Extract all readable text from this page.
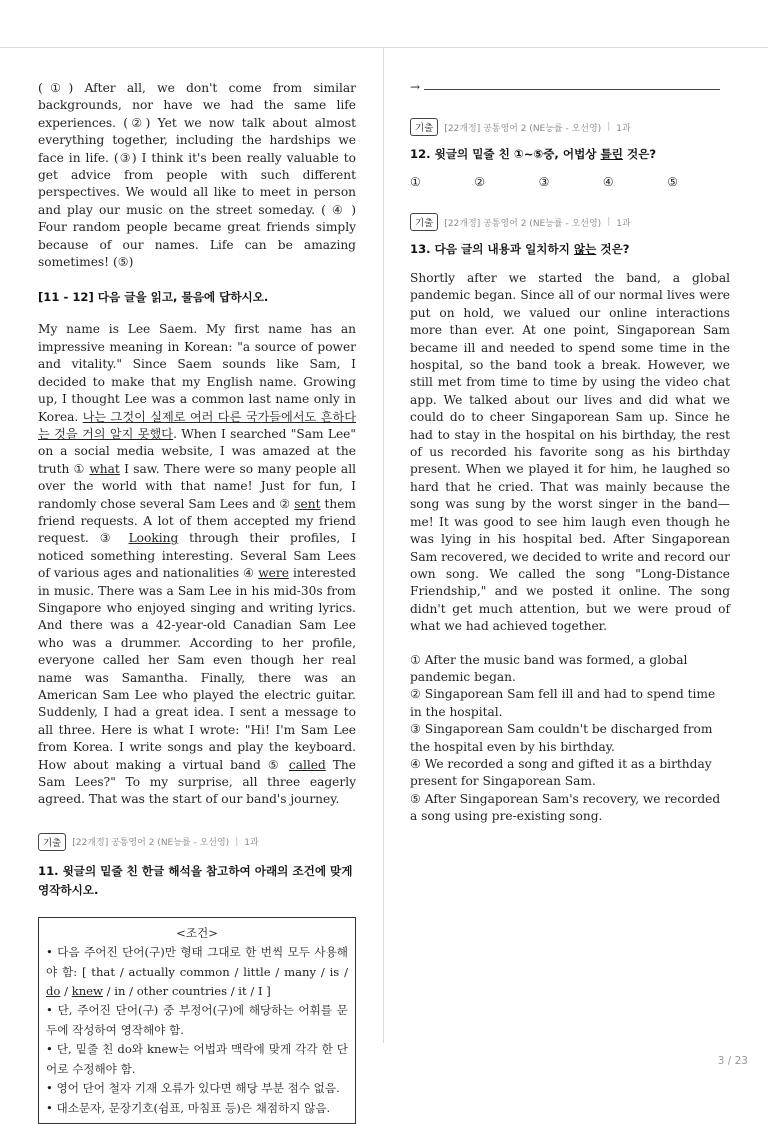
(①) After all, we don't come from similar backgrounds, nor have we had the same life experiences. (②) Yet we now talk about almost everything together, including the hardships we face in life. (③) I think it's been really valuable to get advice from people with such different perspectives. We would all like to meet in person and play our music on the street someday. ( ④ ) Four random people became great friends simply because of our names. Life can be amazing sometimes! (⑤)

[11 - 12] 다음 글을 읽고, 물음에 답하시오.

My name is Lee Saem. My first name has an impressive meaning in Korean: "a source of power and vitality." Since Saem sounds like Sam, I decided to make that my English name. Growing up, I thought Lee was a common last name only in Korea. 나는 그것이 실제로 여러 다른 국가들에서도 흔하다는 것을 거의 알지 못했다. When I searched "Sam Lee" on a social media website, I was amazed at the truth ① what I saw. There were so many people all over the world with that name! Just for fun, I randomly chose several Sam Lees and ② sent them friend requests. A lot of them accepted my friend request. ③ Looking through their profiles, I noticed something interesting. Several Sam Lees of various ages and nationalities ④ were interested in music. There was a Sam Lee in his mid-30s from Singapore who enjoyed singing and writing lyrics. And there was a 42-year-old Canadian Sam Lee who was a drummer. According to her profile, everyone called her Sam even though her real name was Samantha. Finally, there was an American Sam Lee who played the electric guitar. Suddenly, I had a great idea. I sent a message to all three. Here is what I wrote: "Hi! I'm Sam Lee from Korea. I write songs and play the keyboard. How about making a virtual band ⑤ called The Sam Lees?" To my surprise, all three eagerly agreed. That was the start of our band's journey.

기출	[22개정] 공통영어 2 (NE능률 - 오선영) | 1과

11. 윗글의 밑줄 친 한글 해석을 참고하여 아래의 조건에 맞게 영작하시오.

<조건>
• 다음 주어진 단어(구)만 형태 그대로 한 번씩 모두 사용해야 함: [ that / actually common / little / many / is / do / knew / in / other countries / it / I ]
• 단, 주어진 단어(구) 중 부정어(구)에 해당하는 어휘를 문두에 작성하여 영작해야 함.
• 단, 밑줄 친 do와 knew는 어법과 맥락에 맞게 각각 한 단어로 수정해야 함.
• 영어 단어 철자 기재 오류가 있다면 해당 부분 점수 없음.
• 대소문자, 문장기호(쉼표, 마침표 등)은 채점하지 않음.
→
기출	[22개정] 공통영어 2 (NE능률 - 오선영) | 1과

12. 윗글의 밑줄 친 ①~⑤중, 어법상 틀린 것은?

①	②	③	④	⑤
기출	[22개정] 공통영어 2 (NE능률 - 오선영) | 1과

13. 다음 글의 내용과 일치하지 않는 것은?

Shortly after we started the band, a global pandemic began. Since all of our normal lives were put on hold, we valued our online interactions more than ever. At one point, Singaporean Sam became ill and needed to spend some time in the hospital, so the band took a break. However, we still met from time to time by using the video chat app. We talked about our lives and did what we could do to cheer Singaporean Sam up. Since he had to stay in the hospital on his birthday, the rest of us recorded his favorite song as his birthday present. When we played it for him, he laughed so hard that he cried. That was mainly because the song was sung by the worst singer in the band—me! It was good to see him laugh even though he was lying in his hospital bed. After Singaporean Sam recovered, we decided to write and record our own song. We called the song "Long-Distance Friendship," and we posted it online. The song didn't get much attention, but we were proud of what we had achieved together.

① After the music band was formed, a global pandemic began.

② Singaporean Sam fell ill and had to spend time in the hospital.

③ Singaporean Sam couldn't be discharged from the hospital even by his birthday.

④ We recorded a song and gifted it as a birthday present for Singaporean Sam.

⑤ After Singaporean Sam's recovery, we recorded a song using pre-existing song.

3 / 23
